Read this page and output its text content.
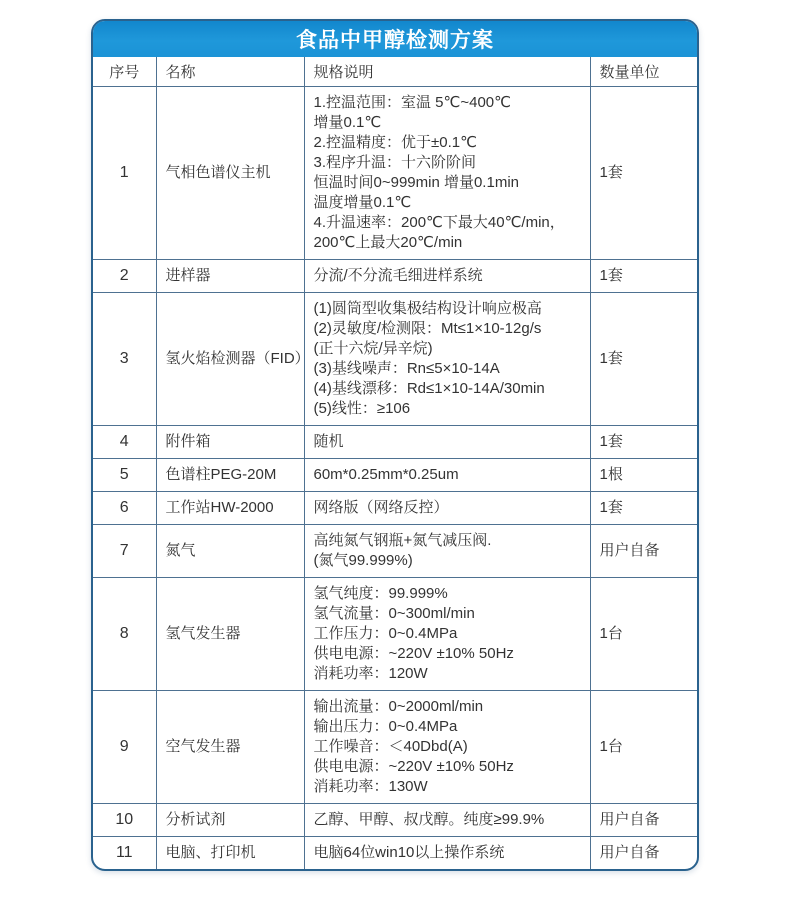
食品中甲醇检测方案
序号	名称	规格说明	数量单位
1	气相色谱仪主机	
1.控温范围：室温 5℃~400℃
增量0.1℃
2.控温精度：优于±0.1℃
3.程序升温：十六阶阶间
恒温时间0~999min 增量0.1min
温度增量0.1℃
4.升温速率：200℃下最大40℃/min，
200℃上最大20℃/min
	1套
2	进样器	分流/不分流毛细进样系统	1套
3	氢火焰检测器（FID）	
(1)圆筒型收集极结构设计响应极高
(2)灵敏度/检测限：Mt≤1×10-12g/s
(正十六烷/异辛烷)
(3)基线噪声：Rn≤5×10-14A
(4)基线漂移：Rd≤1×10-14A/30min
(5)线性：≥106
	1套
4	附件箱	随机	1套
5	色谱柱PEG-20M	60m*0.25mm*0.25um	1根
6	工作站HW-2000	网络版（网络反控）	1套
7	氮气	高纯氮气钢瓶+氮气减压阀.
(氮气99.999%)	用户自备
8	氢气发生器	氢气纯度：99.999%
氢气流量：0~300ml/min
工作压力：0~0.4MPa
供电电源：~220V ±10% 50Hz
消耗功率：120W	1台
9	空气发生器	输出流量：0~2000ml/min
输出压力：0~0.4MPa
工作噪音：＜40Dbd(A)
供电电源：~220V ±10% 50Hz
消耗功率：130W	1台
10	分析试剂	乙醇、甲醇、叔戊醇。纯度≥99.9%	用户自备
11	电脑、打印机	电脑64位win10以上操作系统	用户自备
